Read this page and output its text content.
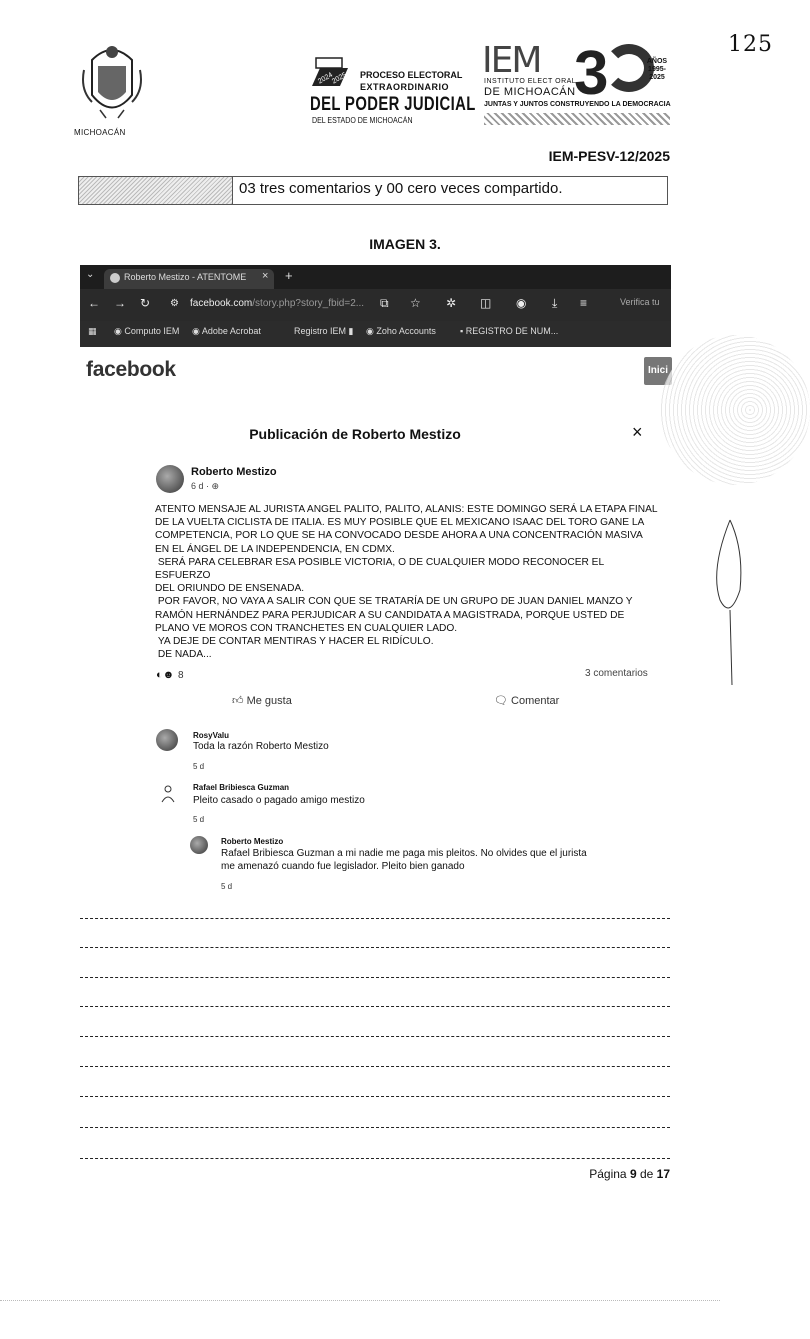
125
MICHOACÁN
2024
2025 PROCESO ELECTORAL
EXTRAORDINARIO
DEL PODER JUDICIAL
DEL ESTADO DE MICHOACÁN
IEM
INSTITUTO ELECT ORAL
DE MICHOACÁN
3	AÑOS
1995-2025
JUNTAS Y JUNTOS CONSTRUYENDO LA DEMOCRACIA
IEM-PESV-12/2025
03 tres comentarios y 00 cero veces compartido.
IMAGEN 3.
⌄	Roberto Mestizo - ATENTOME × +
← → ↻ ⚙ facebook.com/story.php?story_fbid=2... ⧉ ☆ ✲ ◫ ◉ ⤓ ≡	Verifica tu
▦ ◉ Computo IEM ◉ Adobe Acrobat	Registro IEM ▮ ◉ Zoho Accounts	▪ REGISTRO DE NUM...
facebook	Inici
Publicación de Roberto Mestizo	×
Roberto Mestizo
6 d · ⊕
ATENTO MENSAJE AL JURISTA ANGEL PALITO, PALITO, ALANIS: ESTE DOMINGO SERÁ LA ETAPA FINAL
DE LA VUELTA CICLISTA DE ITALIA. ES MUY POSIBLE QUE EL MEXICANO ISAAC DEL TORO GANE LA
COMPETENCIA, POR LO QUE SE HA CONVOCADO DESDE AHORA A UNA CONCENTRACIÓN MASIVA
EN EL ÁNGEL DE LA INDEPENDENCIA, EN CDMX.
SERÁ PARA CELEBRAR ESA POSIBLE VICTORIA, O DE CUALQUIER MODO RECONOCER EL ESFUERZO
DEL ORIUNDO DE ENSENADA.
POR FAVOR, NO VAYA A SALIR CON QUE SE TRATARÍA DE UN GRUPO DE JUAN DANIEL MANZO Y
RAMÓN HERNÁNDEZ PARA PERJUDICAR A SU CANDIDATA A MAGISTRADA, PORQUE USTED DE
PLANO VE MOROS CON TRANCHETES EN CUALQUIER LADO.
YA DEJE DE CONTAR MENTIRAS Y HACER EL RIDÍCULO.
DE NADA...
◐☻ 8	3 comentarios
👍︎ Me gusta	🗨︎ Comentar
RosyValu
Toda la razón Roberto Mestizo
5 d
Rafael Bribiesca Guzman
Pleito casado o pagado amigo mestizo
5 d
Roberto Mestizo
Rafael Bribiesca Guzman a mi nadie me paga mis pleitos. No olvides que el jurista
me amenazó cuando fue legislador. Pleito bien ganado
5 d
Página 9 de 17
